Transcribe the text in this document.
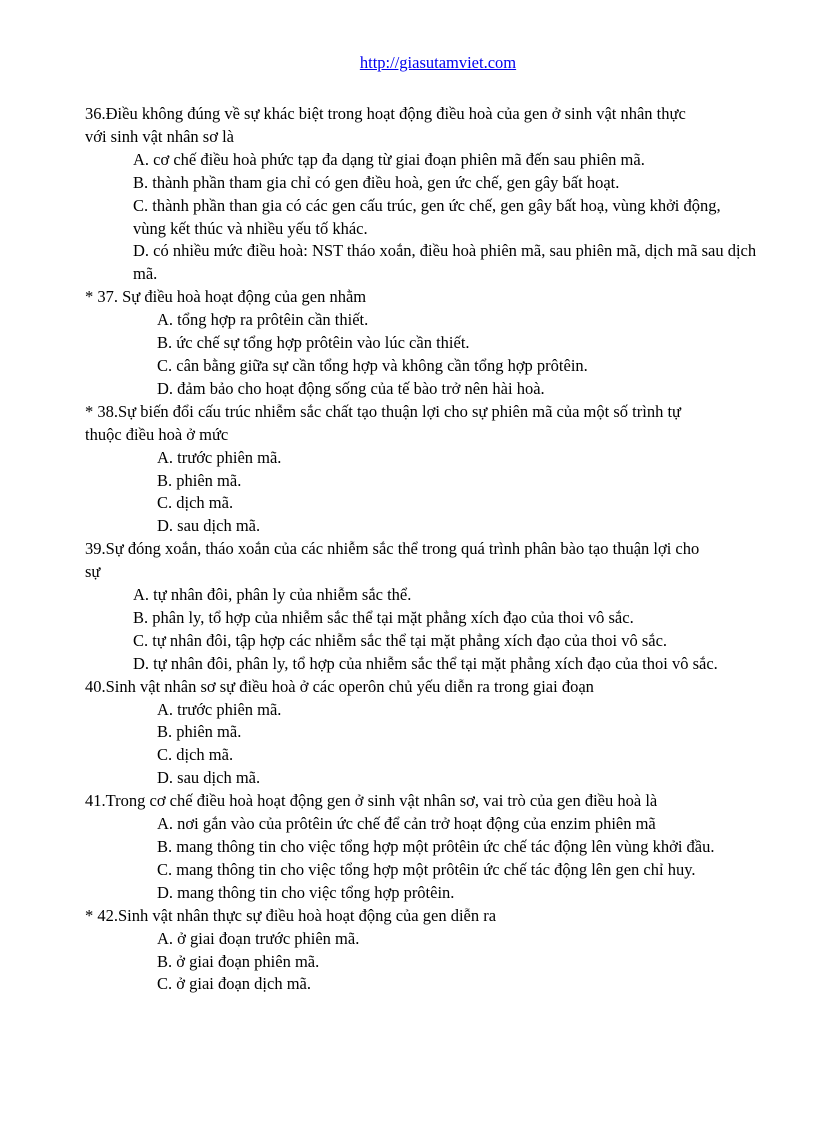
http://giasutamviet.com
36.Điều không đúng về sự khác biệt trong hoạt động điều hoà của gen ở sinh vật nhân thực
với sinh vật nhân sơ là
A. cơ chế điều hoà phức tạp đa dạng từ giai đoạn phiên mã đến sau phiên mã.
B. thành phần tham gia chỉ có gen điều hoà, gen ức chế, gen gây bất hoạt.
C. thành phần than gia có các gen cấu trúc, gen ức chế, gen gây bất hoạ, vùng khởi động, vùng kết thúc và nhiều yếu tố khác.
D. có nhiều mức điều hoà: NST tháo xoắn, điều hoà phiên mã, sau phiên mã, dịch mã sau dịch mã.
* 37. Sự điều hoà hoạt động của gen nhằm
A. tổng hợp ra prôtêin cần thiết.
B. ức chế sự tổng hợp prôtêin vào lúc cần thiết.
C. cân bằng giữa sự cần tổng hợp và không cần tổng hợp prôtêin.
D. đảm bảo cho hoạt động sống của tế bào trở nên hài hoà.
* 38.Sự biến đổi cấu trúc nhiễm sắc chất tạo thuận lợi cho sự phiên mã của một số trình tự
thuộc điều hoà ở mức
A. trước phiên mã.
B. phiên mã.
C. dịch mã.
D. sau dịch mã.
39.Sự đóng xoắn, tháo xoắn của các nhiễm sắc thể trong quá trình phân bào tạo thuận lợi cho
sự
A. tự nhân đôi, phân ly của nhiễm sắc thể.
B. phân ly, tổ hợp của nhiễm sắc thể tại mặt phẳng xích đạo của thoi vô sắc.
C. tự nhân đôi, tập hợp các nhiễm sắc thể tại mặt phẳng xích đạo của thoi vô sắc.
D. tự nhân đôi, phân ly, tổ hợp của nhiễm sắc thể tại mặt phẳng xích đạo của thoi vô sắc.
40.Sinh vật nhân sơ sự điều hoà ở các operôn chủ yếu diễn ra trong giai đoạn
A. trước phiên mã.
B. phiên mã.
C. dịch mã.
D. sau dịch mã.
41.Trong cơ chế điều hoà hoạt động gen ở sinh vật nhân sơ, vai trò của gen điều hoà là
A. nơi gắn vào của prôtêin ức chế để cản trở hoạt động của enzim phiên mã
B. mang thông tin cho việc tổng hợp một prôtêin ức chế tác động lên vùng khởi đầu.
C. mang thông tin cho việc tổng hợp một prôtêin ức chế tác động lên gen chỉ huy.
D. mang thông tin cho việc tổng hợp prôtêin.
* 42.Sinh vật nhân thực sự điều hoà hoạt động của gen diễn ra
A. ở giai đoạn trước phiên mã.
B. ở giai đoạn phiên mã.
C. ở giai đoạn dịch mã.
